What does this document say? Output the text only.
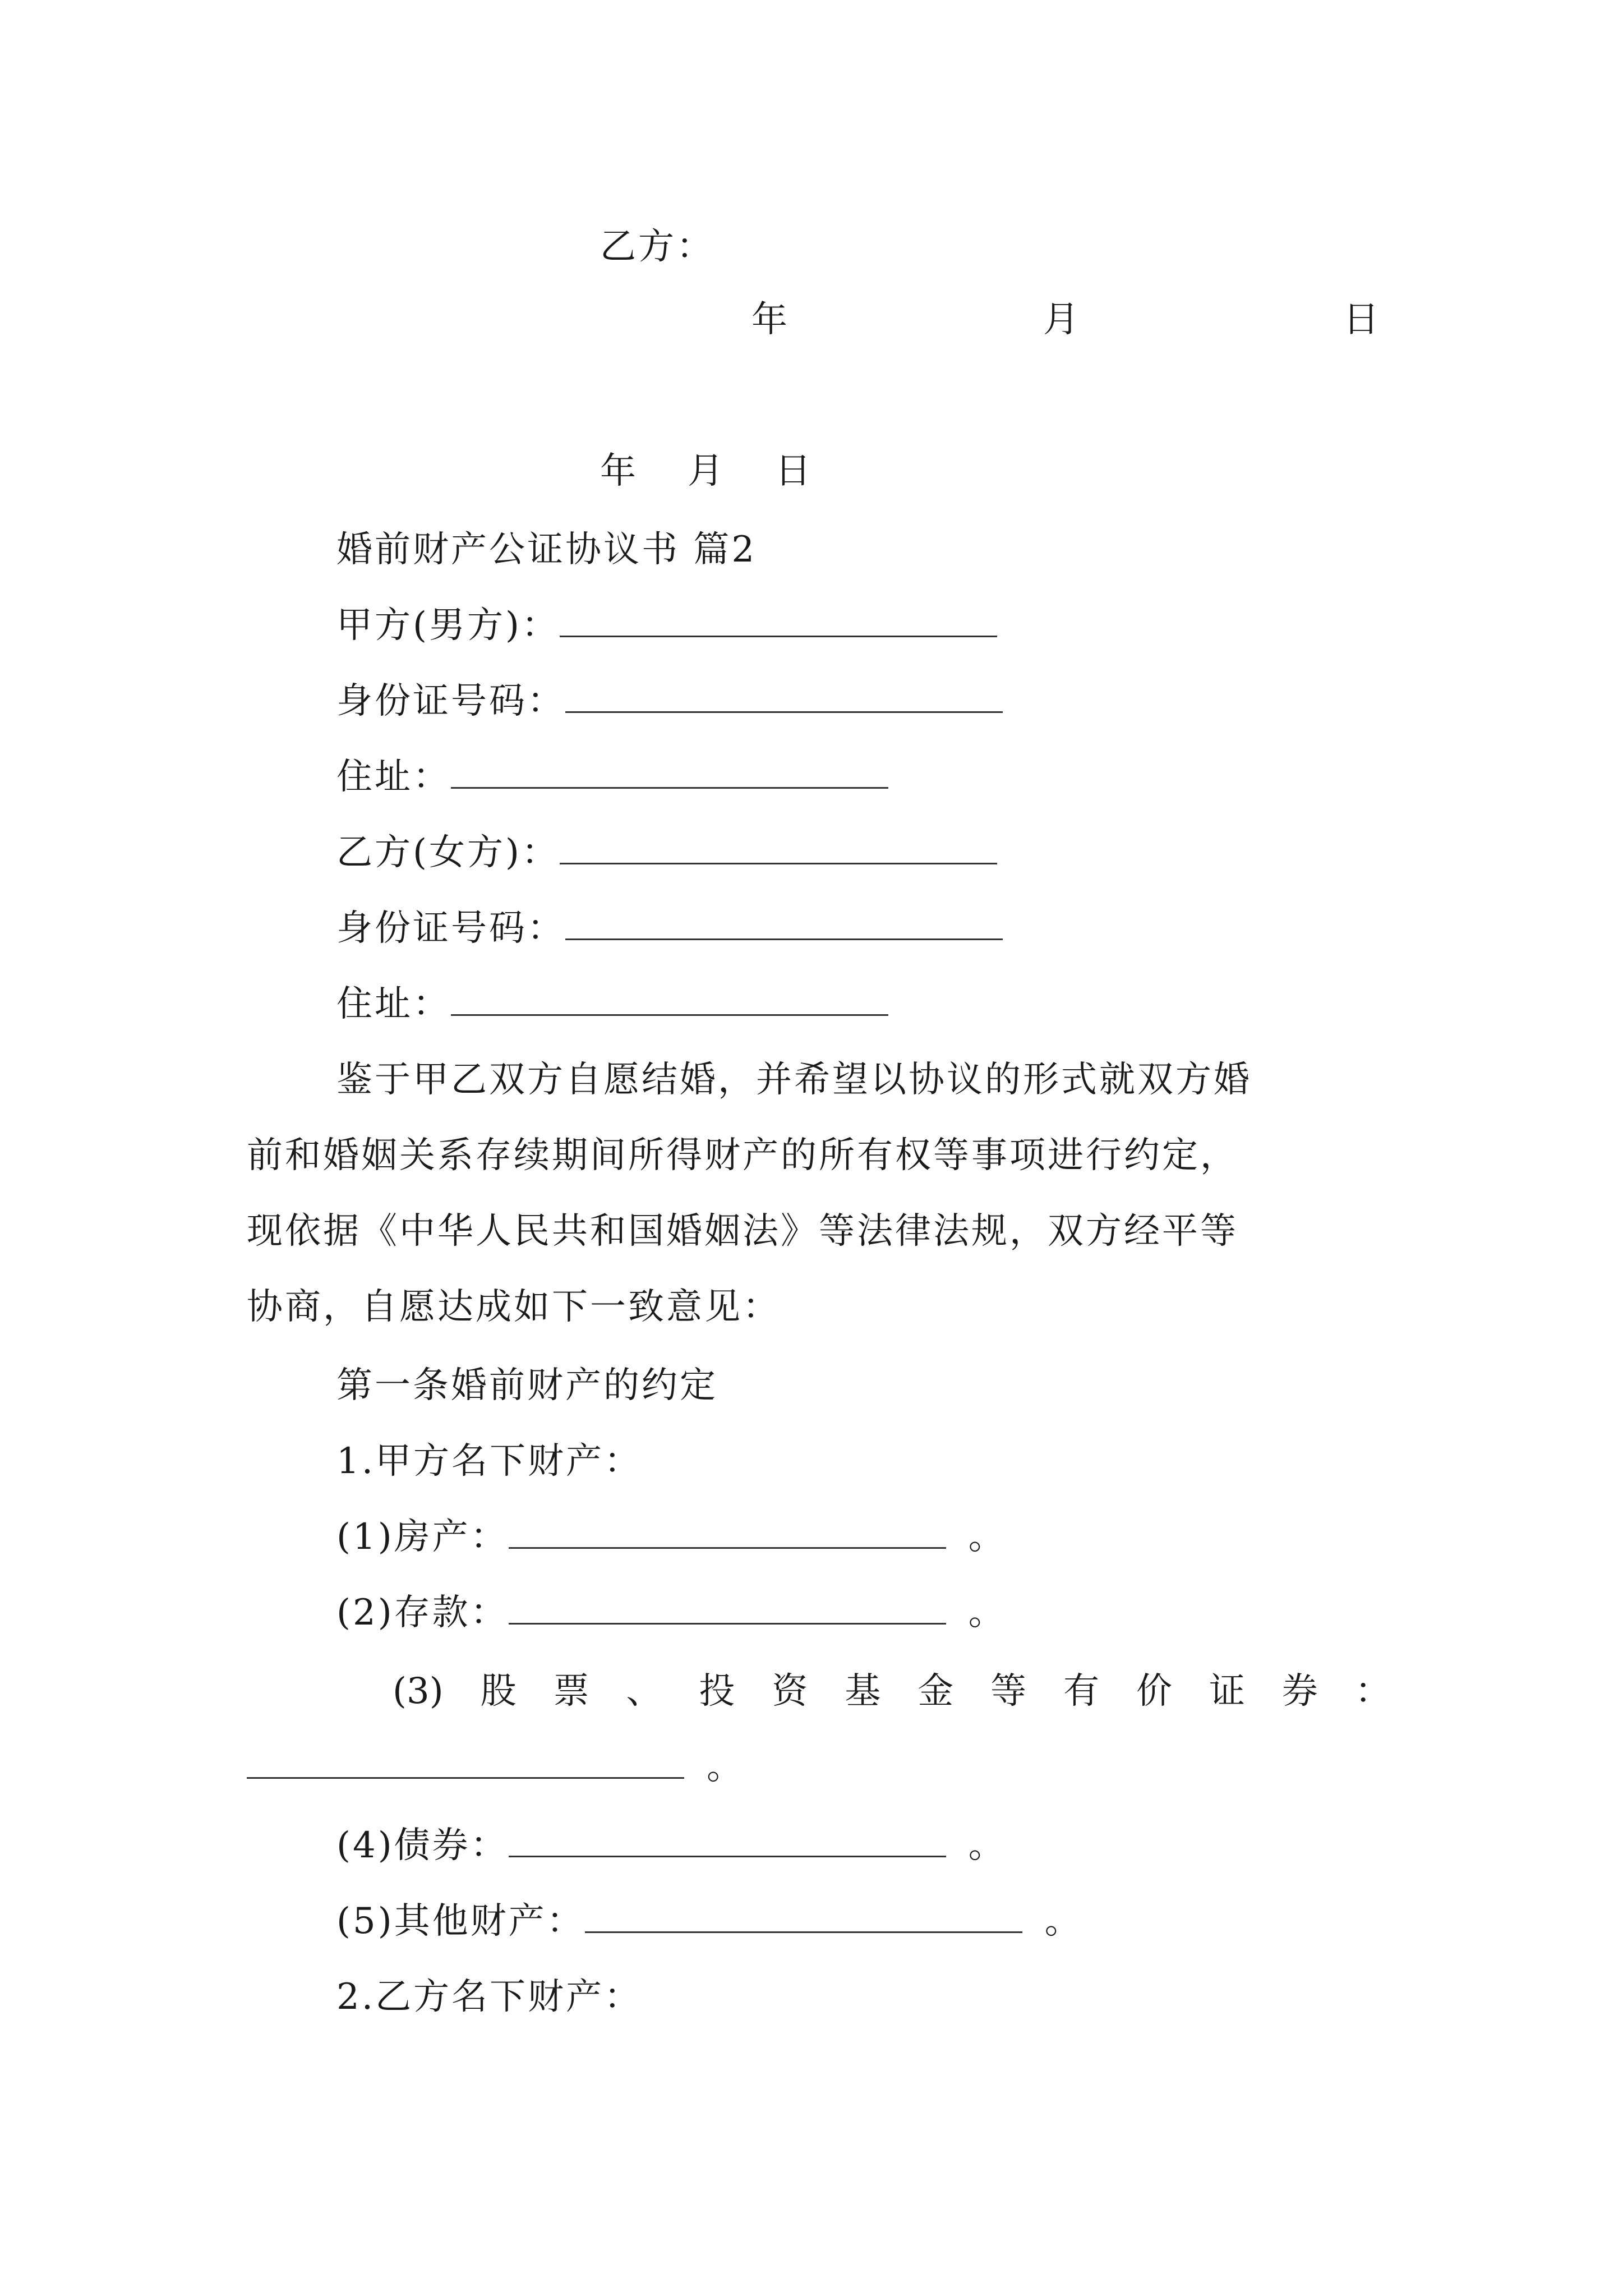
乙方：
年	月	日
年　月　日
婚前财产公证协议书 篇2
甲方(男方)：
身份证号码：
住址：
乙方(女方)：
身份证号码：
住址：
鉴于甲乙双方自愿结婚，并希望以协议的形式就双方婚
前和婚姻关系存续期间所得财产的所有权等事项进行约定，
现依据《中华人民共和国婚姻法》等法律法规，双方经平等
协商，自愿达成如下一致意见：
第一条婚前财产的约定
1.甲方名下财产：
(1)房产：	。
(2)存款：	。
(3) 股 票 、 投 资 基 金 等 有 价 证 券 ：
。
(4)债券：	。
(5)其他财产：	。
2.乙方名下财产：
